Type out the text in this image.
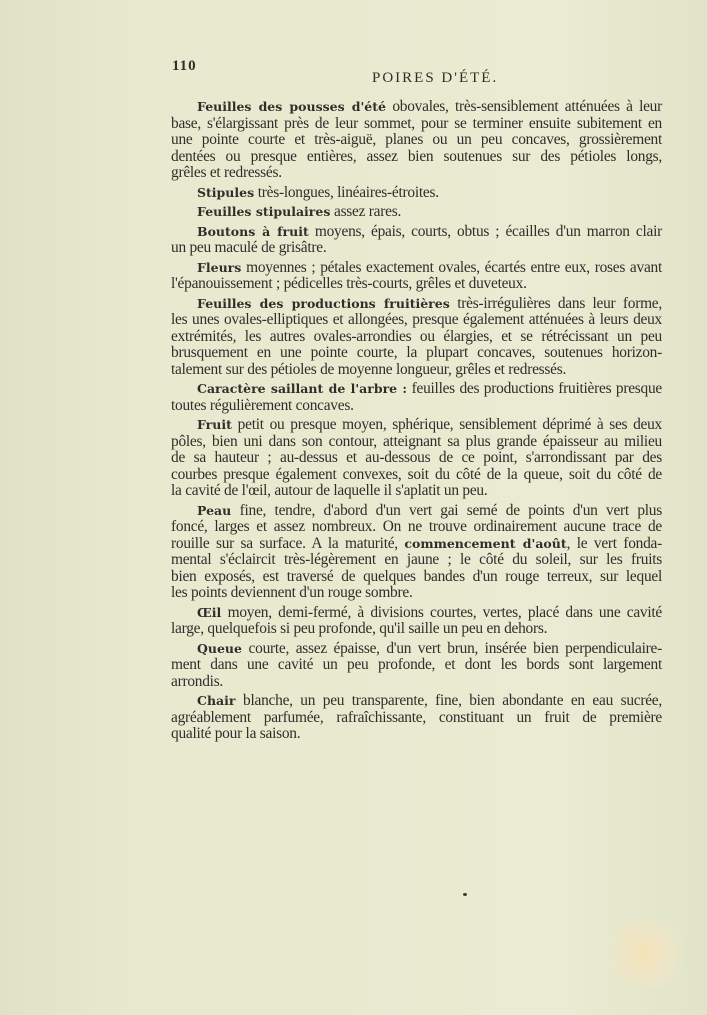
110
POIRES D'ÉTÉ.
Feuilles des pousses d'été obovales, très-sensiblement atténuées à leur
base, s'élargissant près de leur sommet, pour se terminer ensuite subitement en
une pointe courte et très-aiguë, planes ou un peu concaves, grossièrement
dentées ou presque entières, assez bien soutenues sur des pétioles longs,
grêles et redressés.
Stipules très-longues, linéaires-étroites.
Feuilles stipulaires assez rares.
Boutons à fruit moyens, épais, courts, obtus ; écailles d'un marron clair
un peu maculé de grisâtre.
Fleurs moyennes ; pétales exactement ovales, écartés entre eux, roses avant
l'épanouissement ; pédicelles très-courts, grêles et duveteux.
Feuilles des productions fruitières très-irrégulières dans leur forme,
les unes ovales-elliptiques et allongées, presque également atténuées à leurs deux
extrémités, les autres ovales-arrondies ou élargies, et se rétrécissant un peu
brusquement en une pointe courte, la plupart concaves, soutenues horizon-
talement sur des pétioles de moyenne longueur, grêles et redressés.
Caractère saillant de l'arbre : feuilles des productions fruitières presque
toutes régulièrement concaves.
Fruit petit ou presque moyen, sphérique, sensiblement déprimé à ses deux
pôles, bien uni dans son contour, atteignant sa plus grande épaisseur au milieu
de sa hauteur ; au-dessus et au-dessous de ce point, s'arrondissant par des
courbes presque également convexes, soit du côté de la queue, soit du côté de
la cavité de l'œil, autour de laquelle il s'aplatit un peu.
Peau fine, tendre, d'abord d'un vert gai semé de points d'un vert plus
foncé, larges et assez nombreux. On ne trouve ordinairement aucune trace de
rouille sur sa surface. A la maturité, commencement d'août, le vert fonda-
mental s'éclaircit très-légèrement en jaune ; le côté du soleil, sur les fruits
bien exposés, est traversé de quelques bandes d'un rouge terreux, sur lequel
les points deviennent d'un rouge sombre.
Œil moyen, demi-fermé, à divisions courtes, vertes, placé dans une cavité
large, quelquefois si peu profonde, qu'il saille un peu en dehors.
Queue courte, assez épaisse, d'un vert brun, insérée bien perpendiculaire-
ment dans une cavité un peu profonde, et dont les bords sont largement
arrondis.
Chair blanche, un peu transparente, fine, bien abondante en eau sucrée,
agréablement parfumée, rafraîchissante, constituant un fruit de première
qualité pour la saison.
